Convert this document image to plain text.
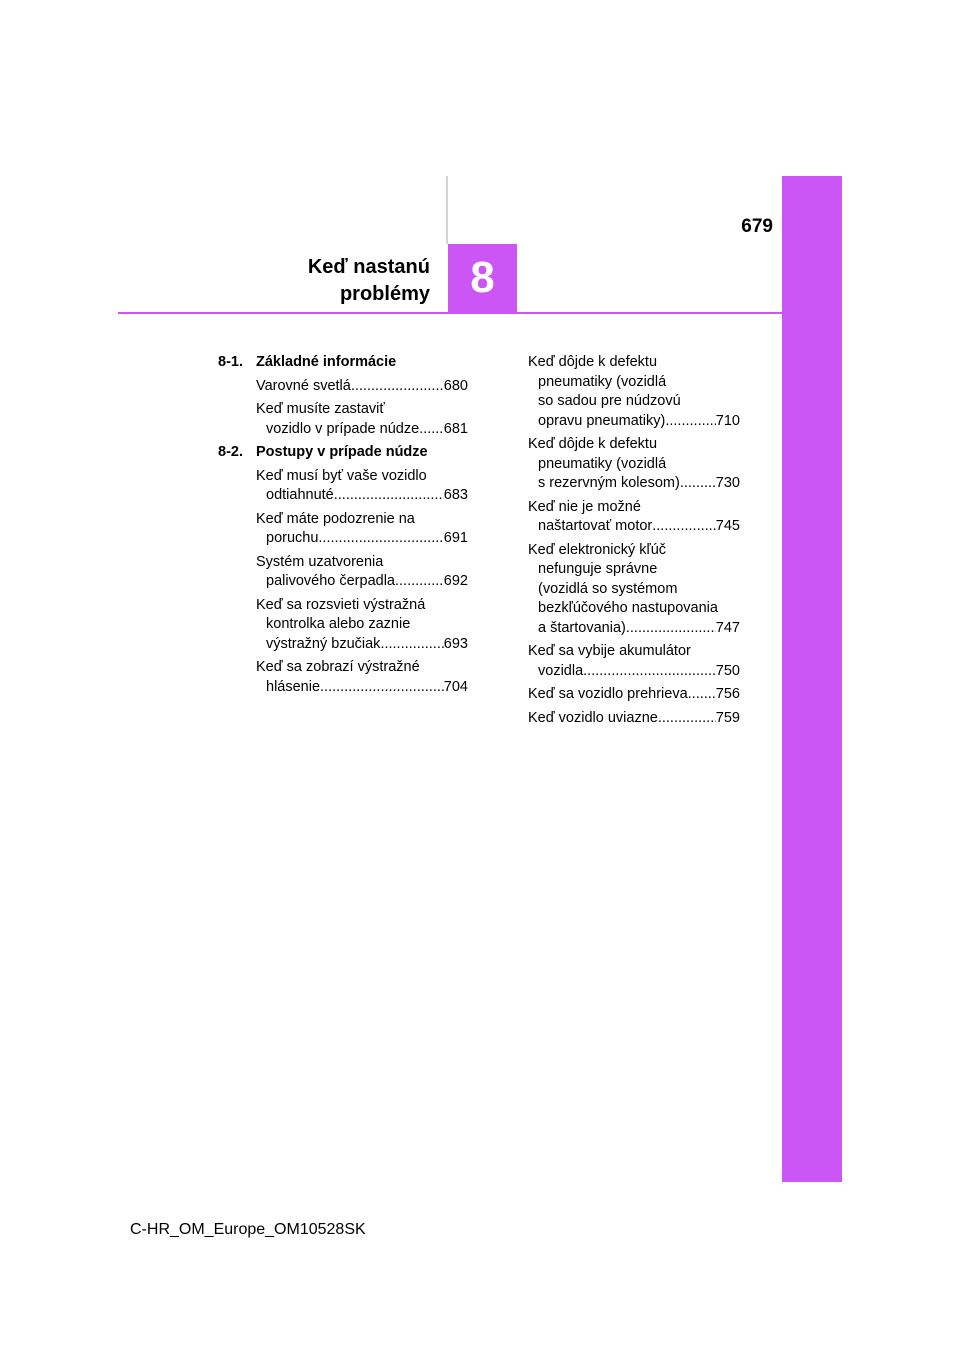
8
679
Keď nastanú
problémy
8-1. Základné informácie
Varovné svetlá .....	680
Keď musíte zastaviť
vozidlo v prípade núdze ..... 681
8-2. Postupy v prípade núdze
Keď musí byť vaše vozidlo
odtiahnuté .....	683
Keď máte podozrenie na
poruchu .....	691
Systém uzatvorenia
palivového čerpadla .....	692
Keď sa rozsvieti výstražná
kontrolka alebo zaznie
výstražný bzučiak .....	693
Keď sa zobrazí výstražné
hlásenie .....	704
Keď dôjde k defektu
pneumatiky (vozidlá
so sadou pre núdzovú
opravu pneumatiky) .....	710
Keď dôjde k defektu
pneumatiky (vozidlá
s rezervným kolesom) ..... 730
Keď nie je možné
naštartovať motor .....	745
Keď elektronický kľúč
nefunguje správne
(vozidlá so systémom
bezkľúčového nastupovania
a štartovania) .....	747
Keď sa vybije akumulátor
vozidla .....	750
Keď sa vozidlo prehrieva ..... 756
Keď vozidlo uviazne .....	759
C-HR_OM_Europe_OM10528SK
